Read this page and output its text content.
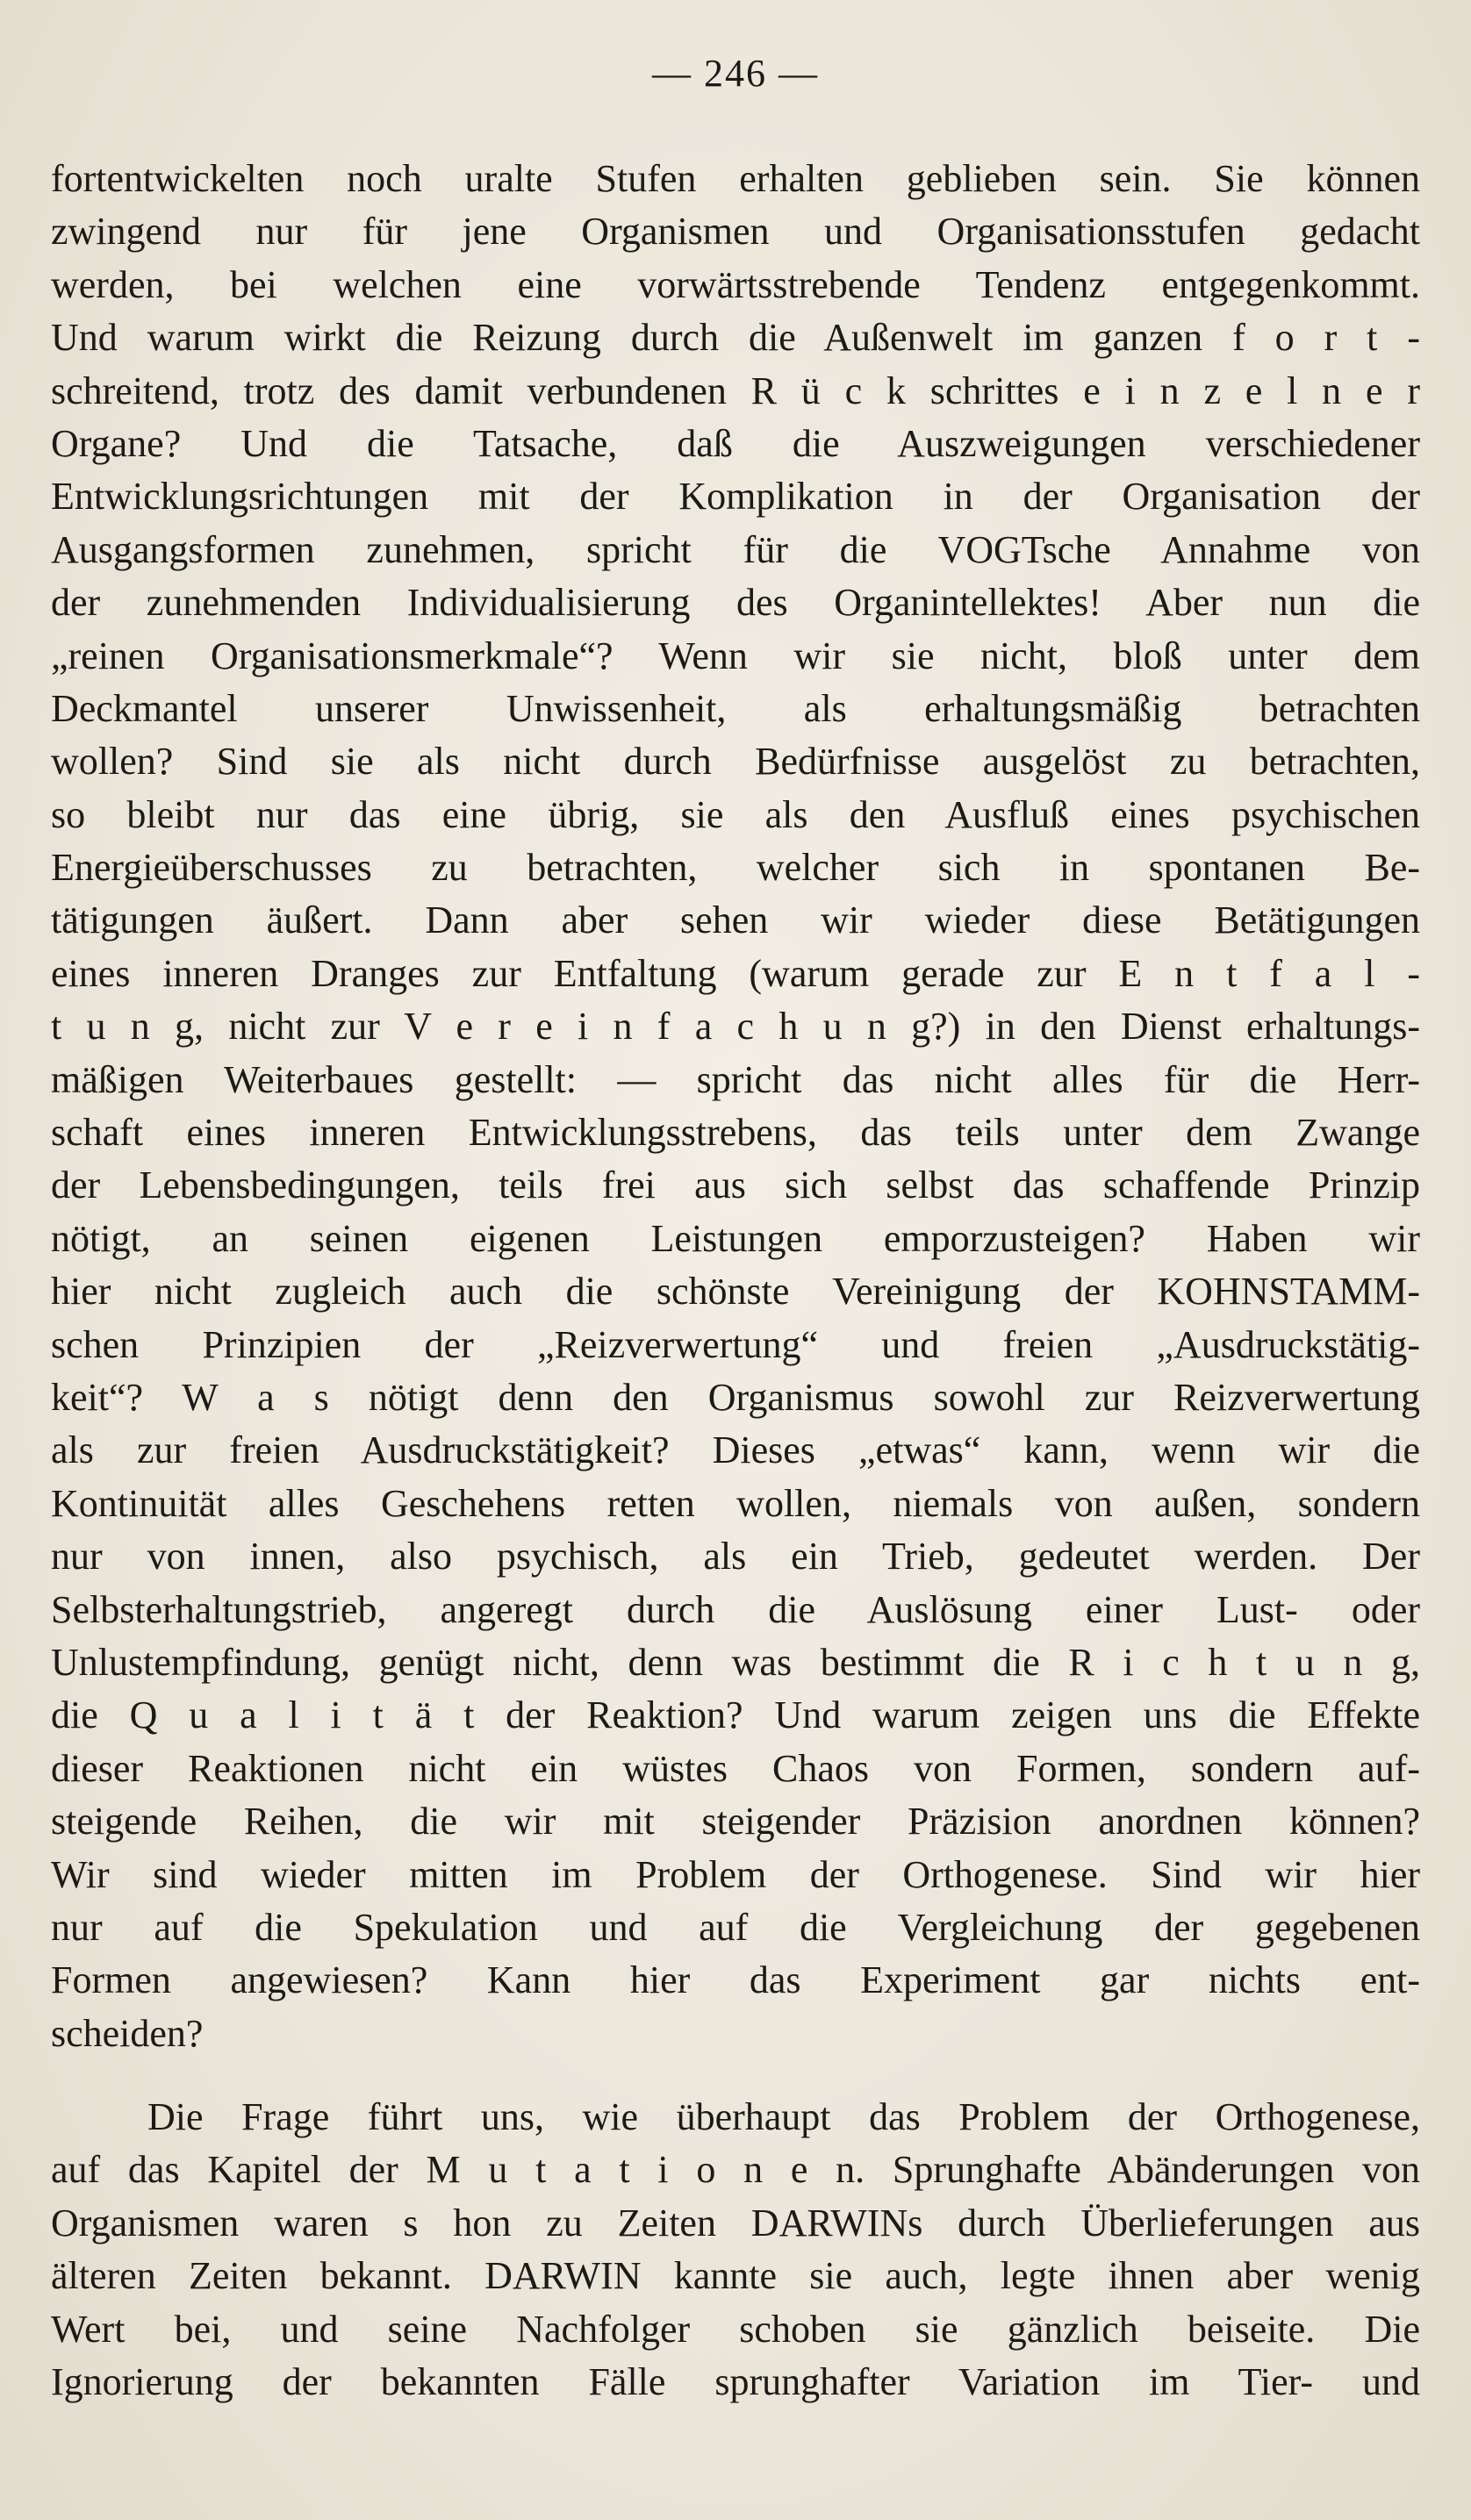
— 246 —
fortentwickelten noch uralte Stufen erhalten geblieben sein. Sie können
zwingend nur für jene Organismen und Organisationsstufen gedacht
werden, bei welchen eine vorwärtsstrebende Tendenz entgegenkommt.
Und warum wirkt die Reizung durch die Außenwelt im ganzen f o r t -
schreitend, trotz des damit verbundenen R ü c k schrittes e i n z e l n e r
Organe? Und die Tatsache, daß die Auszweigungen verschiedener
Entwicklungsrichtungen mit der Komplikation in der Organisation der
Ausgangsformen zunehmen, spricht für die VOGTsche Annahme von
der zunehmenden Individualisierung des Organintellektes! Aber nun die
„reinen Organisationsmerkmale“? Wenn wir sie nicht, bloß unter dem
Deckmantel unserer Unwissenheit, als erhaltungsmäßig betrachten
wollen? Sind sie als nicht durch Bedürfnisse ausgelöst zu betrachten,
so bleibt nur das eine übrig, sie als den Ausfluß eines psychischen
Energieüberschusses zu betrachten, welcher sich in spontanen Be-
tätigungen äußert. Dann aber sehen wir wieder diese Betätigungen
eines inneren Dranges zur Entfaltung (warum gerade zur E n t f a l -
t u n g, nicht zur V e r e i n f a c h u n g?) in den Dienst erhaltungs-
mäßigen Weiterbaues gestellt: — spricht das nicht alles für die Herr-
schaft eines inneren Entwicklungsstrebens, das teils unter dem Zwange
der Lebensbedingungen, teils frei aus sich selbst das schaffende Prinzip
nötigt, an seinen eigenen Leistungen emporzusteigen? Haben wir
hier nicht zugleich auch die schönste Vereinigung der KOHNSTAMM-
schen Prinzipien der „Reizverwertung“ und freien „Ausdruckstätig-
keit“? W a s nötigt denn den Organismus sowohl zur Reizverwertung
als zur freien Ausdruckstätigkeit? Dieses „etwas“ kann, wenn wir die
Kontinuität alles Geschehens retten wollen, niemals von außen, sondern
nur von innen, also psychisch, als ein Trieb, gedeutet werden. Der
Selbsterhaltungstrieb, angeregt durch die Auslösung einer Lust- oder
Unlustempfindung, genügt nicht, denn was bestimmt die R i c h t u n g,
die Q u a l i t ä t der Reaktion? Und warum zeigen uns die Effekte
dieser Reaktionen nicht ein wüstes Chaos von Formen, sondern auf-
steigende Reihen, die wir mit steigender Präzision anordnen können?
Wir sind wieder mitten im Problem der Orthogenese. Sind wir hier
nur auf die Spekulation und auf die Vergleichung der gegebenen
Formen angewiesen? Kann hier das Experiment gar nichts ent-
scheiden?
Die Frage führt uns, wie überhaupt das Problem der Orthogenese,
auf das Kapitel der M u t a t i o n e n. Sprunghafte Abänderungen von
Organismen waren s hon zu Zeiten DARWINs durch Überlieferungen aus
älteren Zeiten bekannt. DARWIN kannte sie auch, legte ihnen aber wenig
Wert bei, und seine Nachfolger schoben sie gänzlich beiseite. Die
Ignorierung der bekannten Fälle sprunghafter Variation im Tier- und
